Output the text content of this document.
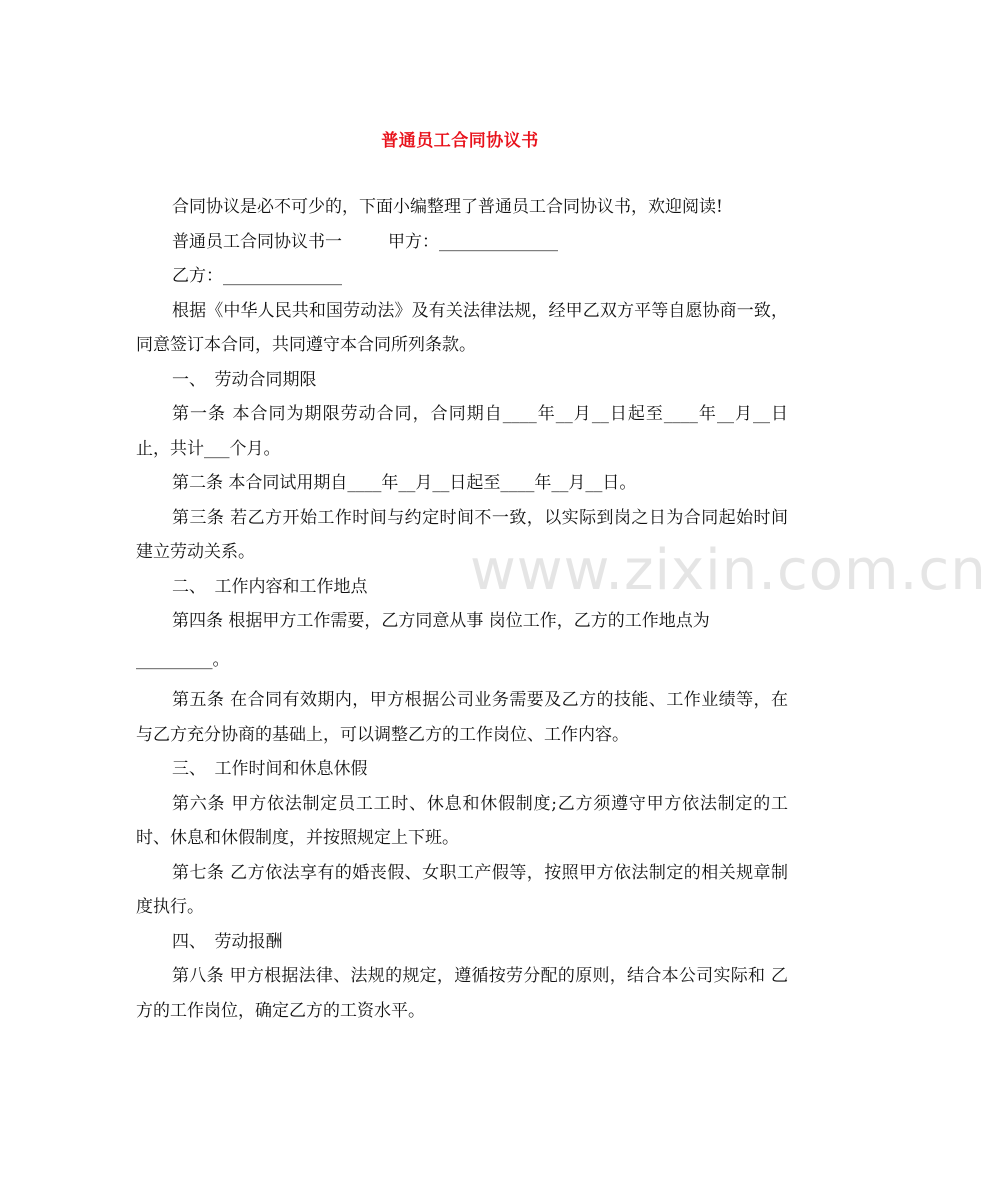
普通员工合同协议书

合同协议是必不可少的，下面小编整理了普通员工合同协议书，欢迎阅读!

普通员工合同协议书一	甲方：______________

乙方：______________

根据《中华人民共和国劳动法》及有关法律法规，经甲乙双方平等自愿协商一致，同意签订本合同，共同遵守本合同所列条款。

一、　劳动合同期限

第一条 本合同为期限劳动合同，合同期自____年__月__日起至____年__月__日止，共计___个月。

第二条 本合同试用期自____年__月__日起至____年__月__日。

第三条 若乙方开始工作时间与约定时间不一致，以实际到岗之日为合同起始时间建立劳动关系。

二、　工作内容和工作地点

第四条 根据甲方工作需要，乙方同意从事 岗位工作，乙方的工作地点为

_________。

第五条 在合同有效期内，甲方根据公司业务需要及乙方的技能、工作业绩等，在与乙方充分协商的基础上，可以调整乙方的工作岗位、工作内容。

三、　工作时间和休息休假

第六条 甲方依法制定员工工时、休息和休假制度;乙方须遵守甲方依法制定的工时、休息和休假制度，并按照规定上下班。

第七条 乙方依法享有的婚丧假、女职工产假等，按照甲方依法制定的相关规章制度执行。

四、　劳动报酬

第八条 甲方根据法律、法规的规定，遵循按劳分配的原则，结合本公司实际和 乙方的工作岗位，确定乙方的工资水平。

www.zixin.com.cn
